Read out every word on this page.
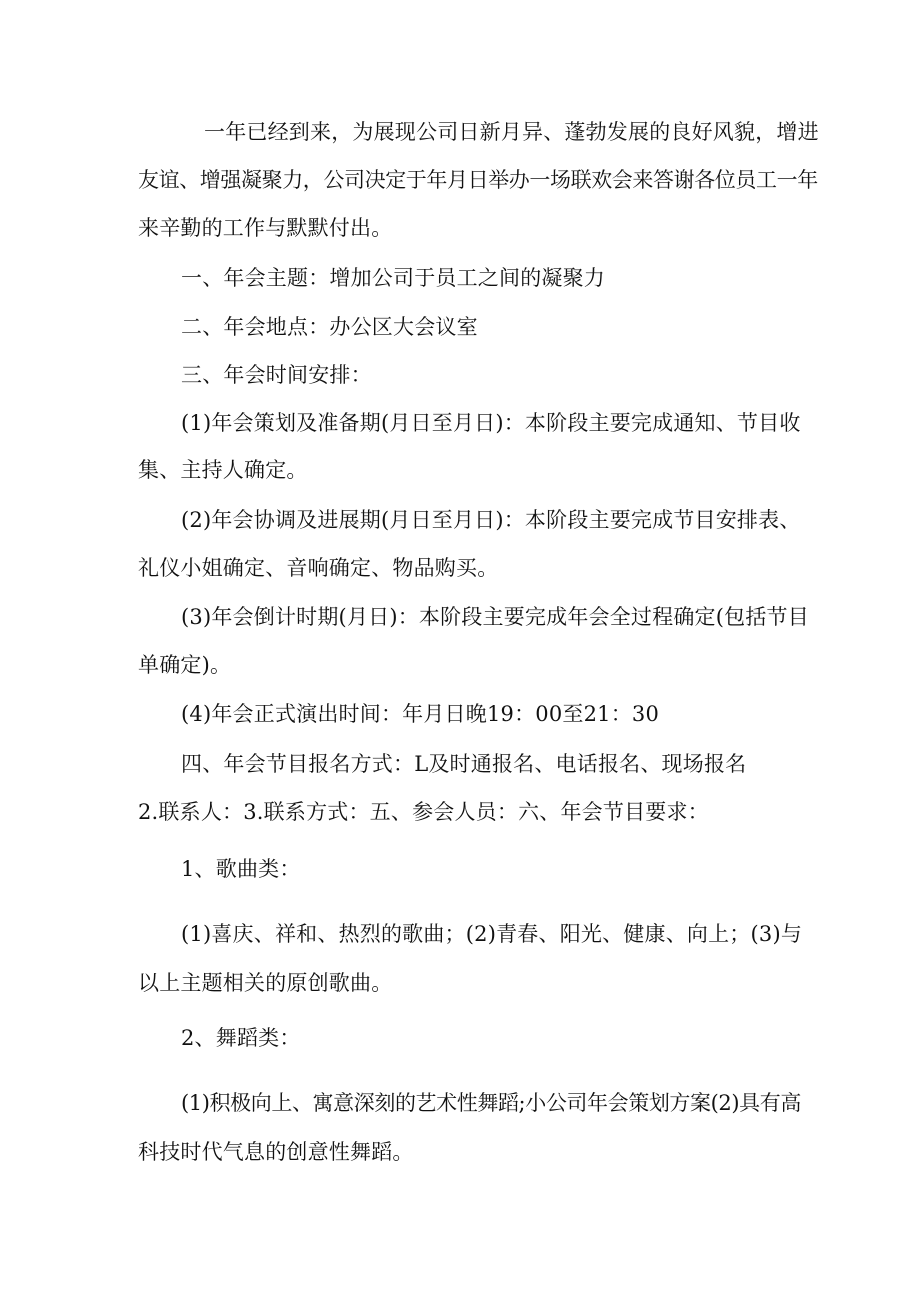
一年已经到来，为展现公司日新月异、蓬勃发展的良好风貌，增进
友谊、增强凝聚力，公司决定于年月日举办一场联欢会来答谢各位员工一年
来辛勤的工作与默默付出。
一、年会主题：增加公司于员工之间的凝聚力
二、年会地点：办公区大会议室
三、年会时间安排：
(1)年会策划及准备期(月日至月日)：本阶段主要完成通知、节目收
集、主持人确定。
(2)年会协调及进展期(月日至月日)：本阶段主要完成节目安排表、
礼仪小姐确定、音响确定、物品购买。
(3)年会倒计时期(月日)：本阶段主要完成年会全过程确定(包括节目
单确定)。
(4)年会正式演出时间：年月日晚19：00至21：30
四、年会节目报名方式：L及时通报名、电话报名、现场报名
2.联系人：3.联系方式：五、参会人员：六、年会节目要求：
1、歌曲类：
(1)喜庆、祥和、热烈的歌曲；(2)青春、阳光、健康、向上；(3)与
以上主题相关的原创歌曲。
2、舞蹈类：
(1)积极向上、寓意深刻的艺术性舞蹈;小公司年会策划方案(2)具有高
科技时代气息的创意性舞蹈。
